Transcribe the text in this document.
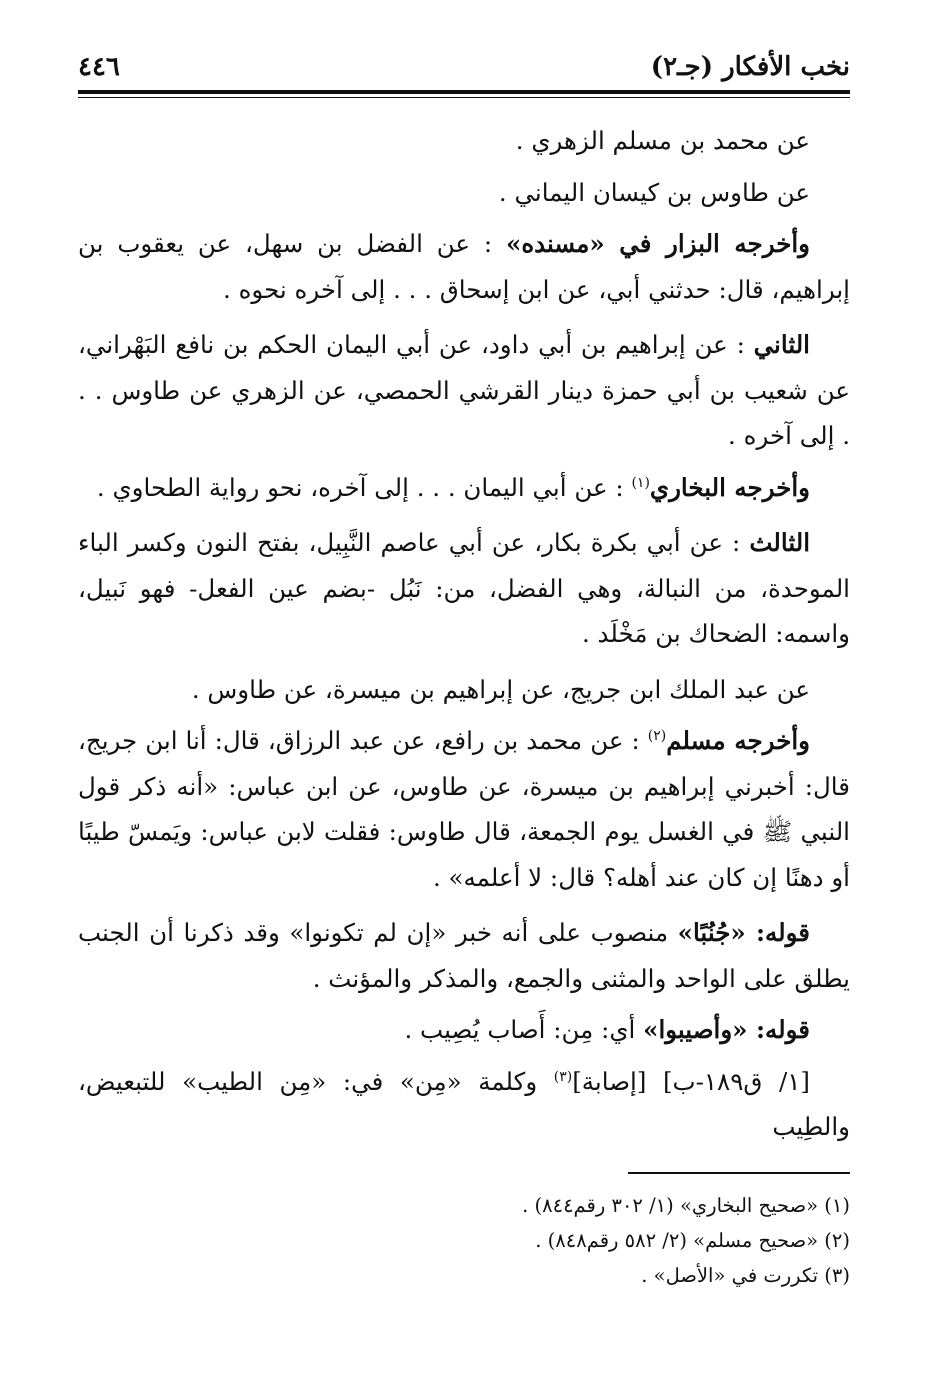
نخب الأفكار (جـ٢)
٤٤٦

عن محمد بن مسلم الزهري .

عن طاوس بن كيسان اليماني .

وأخرجه البزار في «مسنده» : عن الفضل بن سهل، عن يعقوب بن إبراهيم، قال: حدثني أبي، عن ابن إسحاق . . . إلى آخره نحوه .

الثاني : عن إبراهيم بن أبي داود، عن أبي اليمان الحكم بن نافع البَهْراني، عن شعيب بن أبي حمزة دينار القرشي الحمصي، عن الزهري عن طاوس . . . إلى آخره .

وأخرجه البخاري$^{(١)}$ : عن أبي اليمان . . . إلى آخره، نحو رواية الطحاوي .

الثالث : عن أبي بكرة بكار، عن أبي عاصم النَّبِيل، بفتح النون وكسر الباء الموحدة، من النبالة، وهي الفضل، من: نَبُل -بضم عين الفعل- فهو نَبيل، واسمه: الضحاك بن مَخْلَد .

عن عبد الملك ابن جريج، عن إبراهيم بن ميسرة، عن طاوس .

وأخرجه مسلم$^{(٢)}$ : عن محمد بن رافع، عن عبد الرزاق، قال: أنا ابن جريج، قال: أخبرني إبراهيم بن ميسرة، عن طاوس، عن ابن عباس: «أنه ذكر قول النبي ﷺ في الغسل يوم الجمعة، قال طاوس: فقلت لابن عباس: ويَمسّ طيبًا أو دهنًا إن كان عند أهله؟ قال: لا أعلمه» .

قوله: «جُنُبًا» منصوب على أنه خبر «إن لم تكونوا» وقد ذكرنا أن الجنب يطلق على الواحد والمثنى والجمع، والمذكر والمؤنث .

قوله: «وأصيبوا» أي: مِن: أَصاب يُصِيب .

[١/ ق١٨٩-ب] [إصابة]$^{(٣)}$ وكلمة «مِن» في: «مِن الطيب» للتبعيض، والطِيب

(١) «صحيح البخاري» (١/ ٣٠٢ رقم٨٤٤) .
(٢) «صحيح مسلم» (٢/ ٥٨٢ رقم٨٤٨) .
(٣) تكررت في «الأصل» .
